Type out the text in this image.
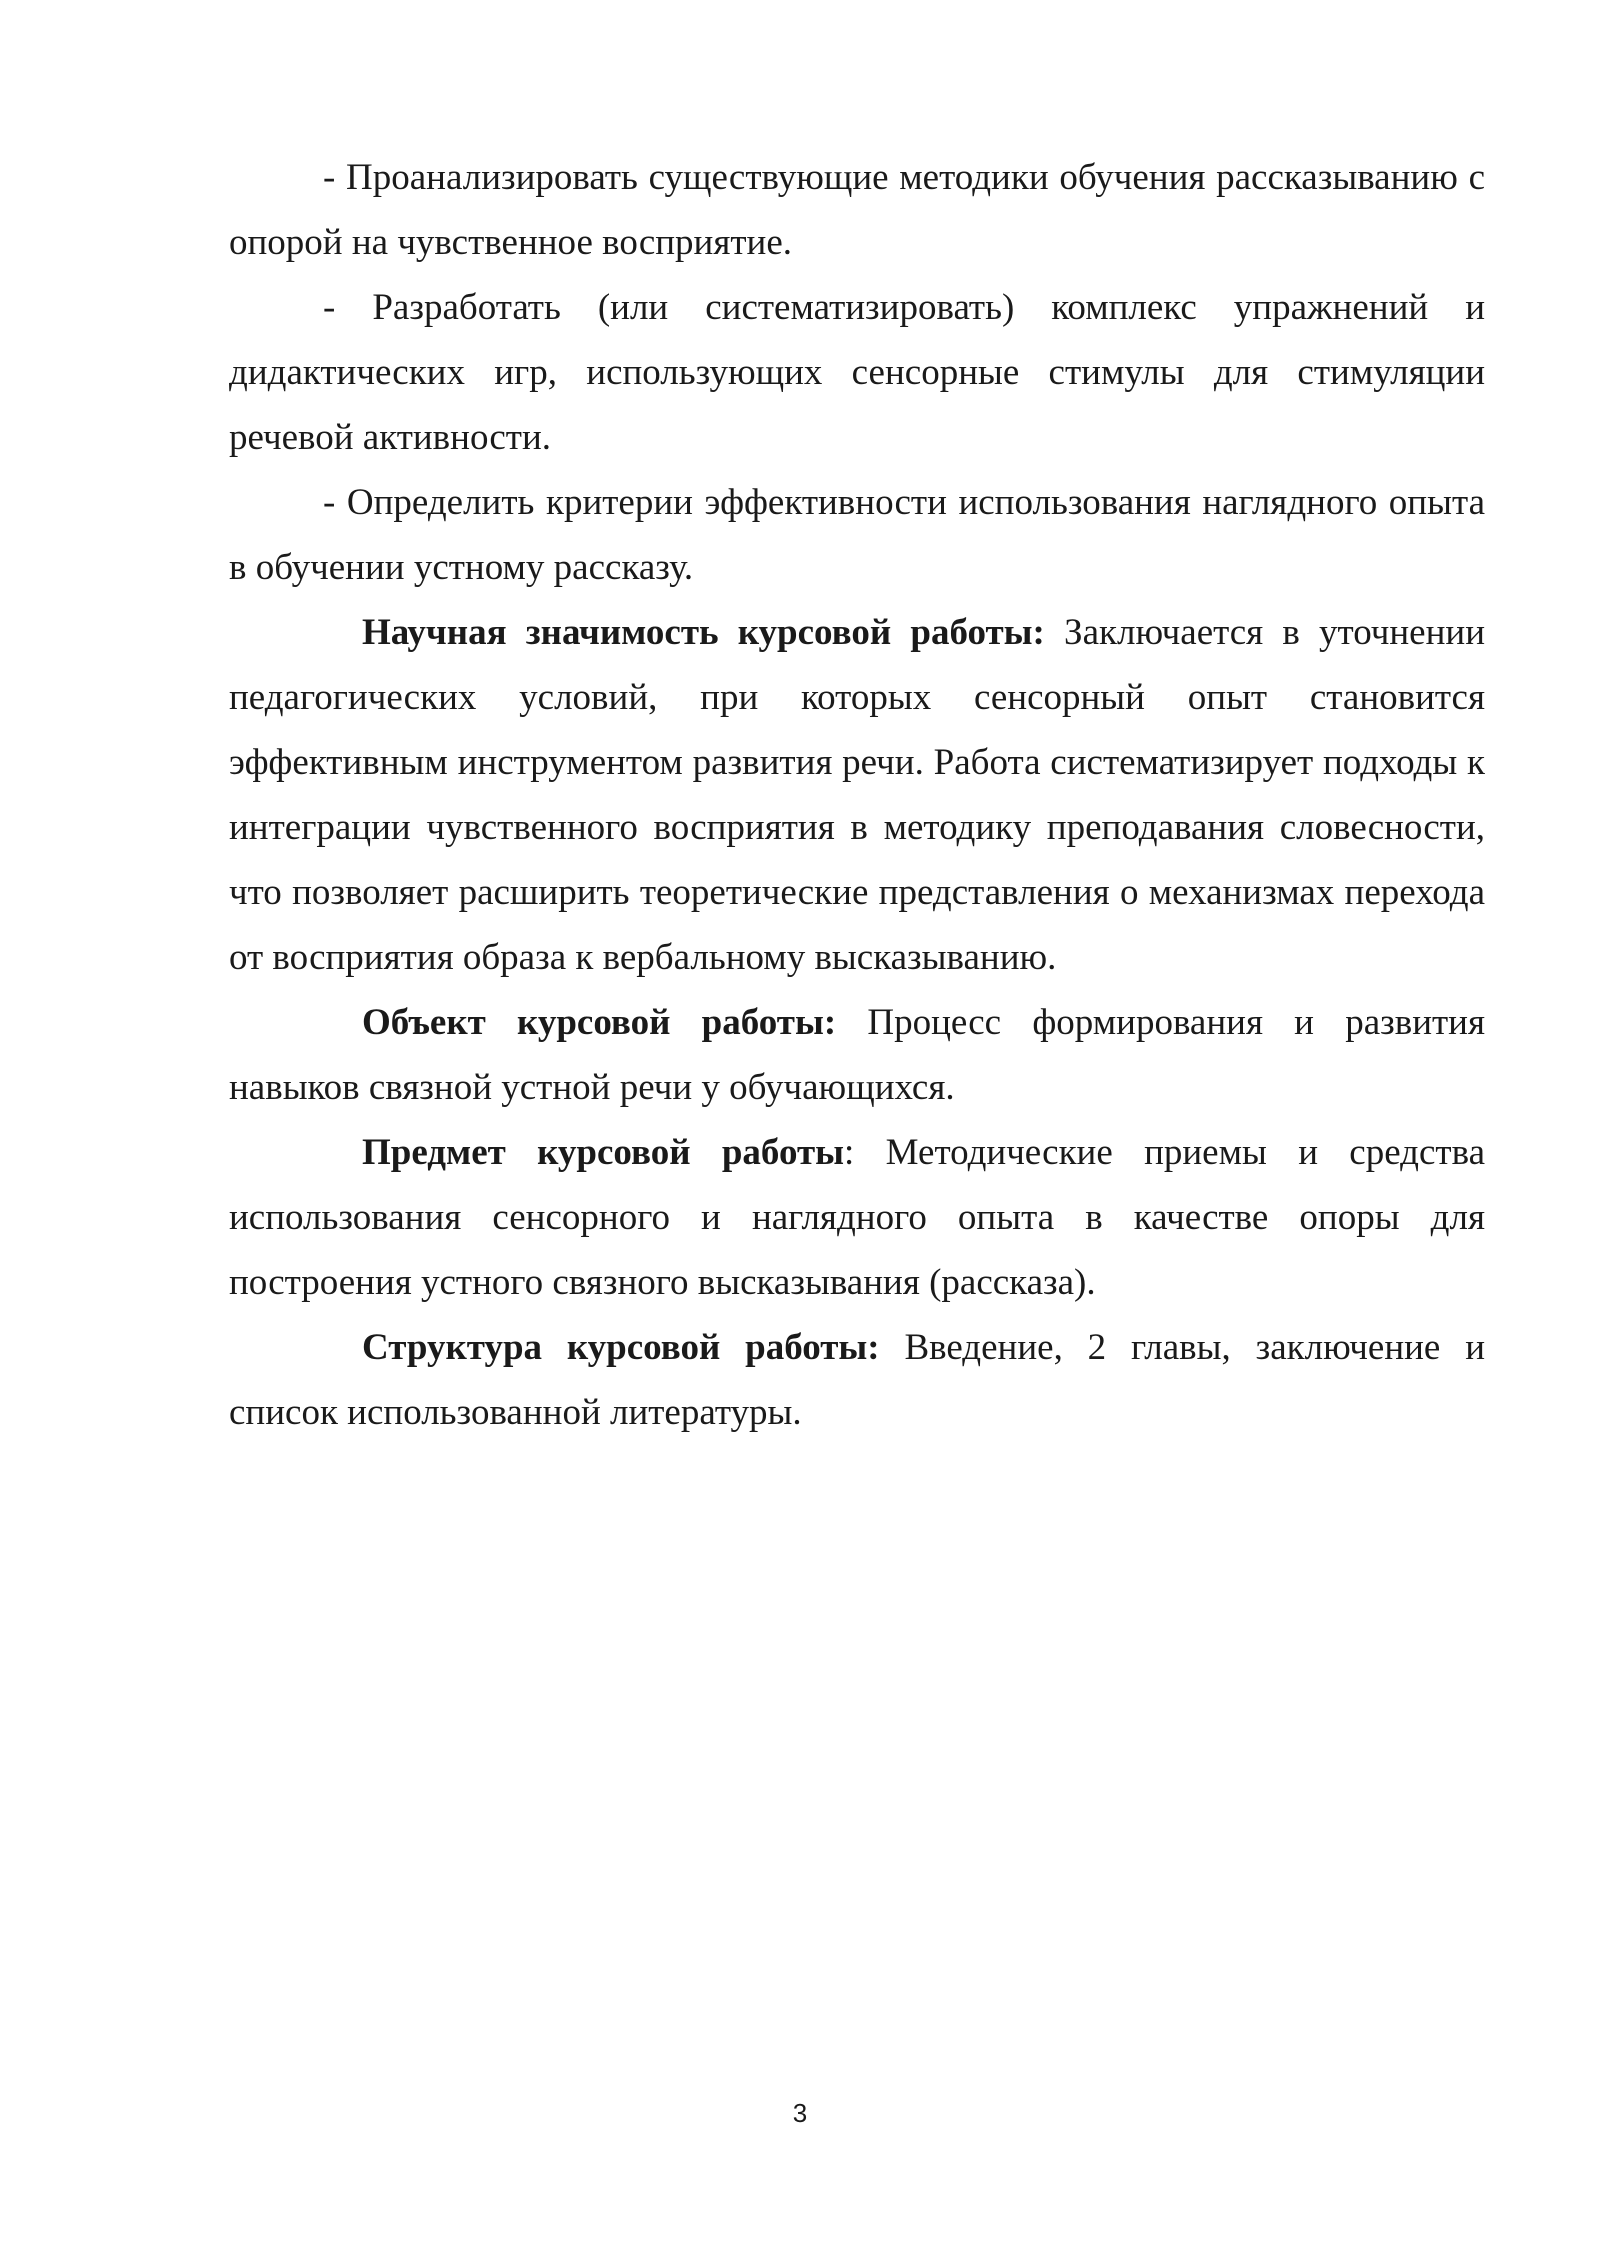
- Проанализировать существующие методики обучения рассказыванию с опорой на чувственное восприятие.

- Разработать (или систематизировать) комплекс упражнений и дидактических игр, использующих сенсорные стимулы для стимуляции речевой активности.

- Определить критерии эффективности использования наглядного опыта в обучении устному рассказу.

Научная значимость курсовой работы: Заключается в уточнении педагогических условий, при которых сенсорный опыт становится эффективным инструментом развития речи. Работа систематизирует подходы к интеграции чувственного восприятия в методику преподавания словесности, что позволяет расширить теоретические представления о механизмах перехода от восприятия образа к вербальному высказыванию.

Объект курсовой работы: Процесс формирования и развития навыков связной устной речи у обучающихся.

Предмет курсовой работы: Методические приемы и средства использования сенсорного и наглядного опыта в качестве опоры для построения устного связного высказывания (рассказа).

Структура курсовой работы: Введение, 2 главы, заключение и список использованной литературы.

3
